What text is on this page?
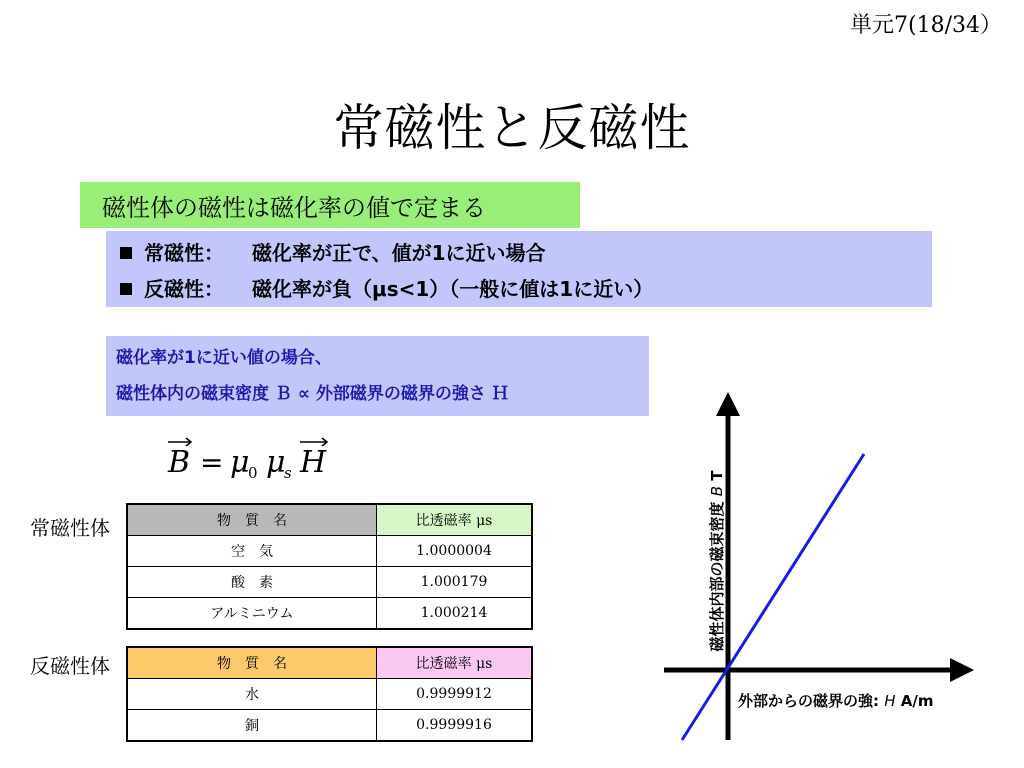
単元7(18/34）
常磁性と反磁性
磁性体の磁性は磁化率の値で定まる
常磁性： 磁化率が正で、値が1に近い場合
反磁性： 磁化率が負（μs<1）（一般に値は1に近い）
磁化率が1に近い値の場合、
磁性体内の磁束密度 Ｂ ∝ 外部磁界の磁界の強さ Ｈ
B = μ
0 μ
s H
常磁性体	物　質　名	比透磁率 μs
空　気	1.0000004
酸　素	1.000179
アルミニウム	1.000214
反磁性体	物　質　名	比透磁率 μs
水	0.9999912
銅	0.9999916
磁性体内部の磁束密度 B T
外部からの磁界の強: H A/m
